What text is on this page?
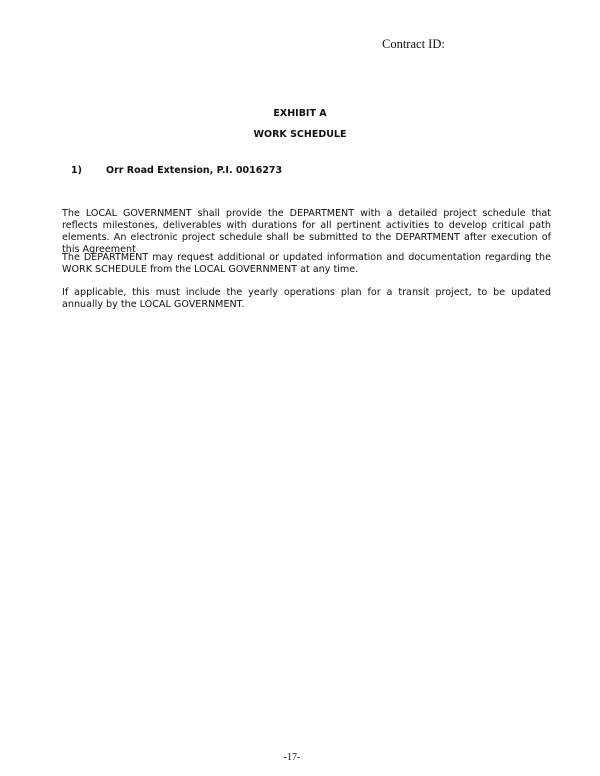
Contract ID:
EXHIBIT A
WORK SCHEDULE
1)	Orr Road Extension, P.I. 0016273
The LOCAL GOVERNMENT shall provide the DEPARTMENT with a detailed project schedule that reflects milestones, deliverables with durations for all pertinent activities to develop critical path elements. An electronic project schedule shall be submitted to the DEPARTMENT after execution of this Agreement
The DEPARTMENT may request additional or updated information and documentation regarding the WORK SCHEDULE from the LOCAL GOVERNMENT at any time.
If applicable, this must include the yearly operations plan for a transit project, to be updated annually by the LOCAL GOVERNMENT.
-17-
